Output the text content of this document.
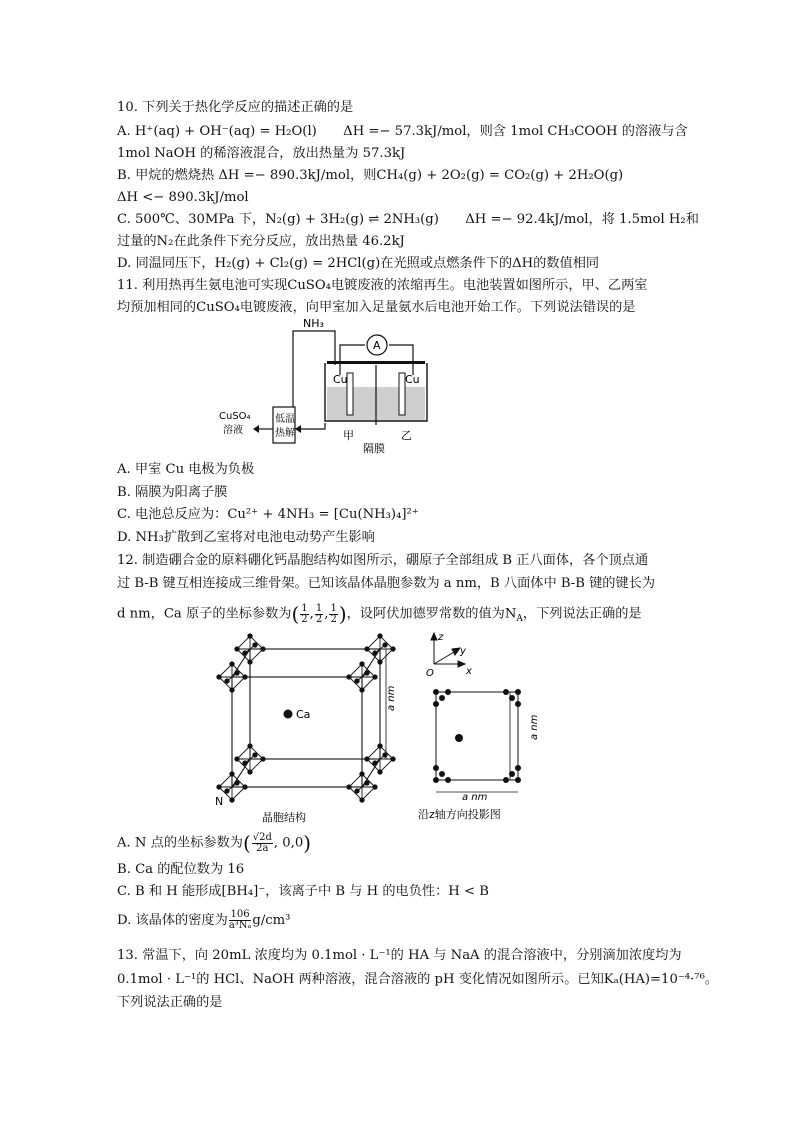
10. 下列关于热化学反应的描述正确的是
A. H⁺(aq) + OH⁻(aq) = H₂O(l)　　ΔH =− 57.3kJ/mol，则含 1mol CH₃COOH 的溶液与含
1mol NaOH 的稀溶液混合，放出热量为 57.3kJ
B. 甲烷的燃烧热 ΔH =− 890.3kJ/mol，则CH₄(g) + 2O₂(g) = CO₂(g) + 2H₂O(g)
ΔH <− 890.3kJ/mol
C. 500℃、30MPa 下，N₂(g) + 3H₂(g) ⇌ 2NH₃(g)　　ΔH =− 92.4kJ/mol，将 1.5mol H₂和
过量的N₂在此条件下充分反应，放出热量 46.2kJ
D. 同温同压下，H₂(g) + Cl₂(g) = 2HCl(g)在光照或点燃条件下的ΔH的数值相同
11. 利用热再生氨电池可实现CuSO₄电镀废液的浓缩再生。电池装置如图所示，甲、乙两室
均预加相同的CuSO₄电镀废液，向甲室加入足量氨水后电池开始工作。下列说法错误的是
NH₃
A
Cu	Cu
低温
热解
CuSO₄
溶液	甲	乙
隔膜
A. 甲室 Cu 电极为负极
B. 隔膜为阳离子膜
C. 电池总反应为：Cu²⁺ + 4NH₃ = [Cu(NH₃)₄]²⁺
D. NH₃扩散到乙室将对电池电动势产生影响
12. 制造硼合金的原料硼化钙晶胞结构如图所示，硼原子全部组成 B 正八面体，各个顶点通
过 B-B 键互相连接成三维骨架。已知该晶体晶胞参数为 a nm，B 八面体中 B-B 键的键长为
d nm，Ca 原子的坐标参数为( $\frac{1}{2}$ , $\frac{1}{2}$ , $\frac{1}{2}$ )，设阿伏加德罗常数的值为$N_A$，下列说法正确的是
Ca
N
a nm
晶胞结构
z
y
x
O
a nm
a nm
沿z轴方向投影图
A. N 点的坐标参数为( $\frac{√2d}{2a}$ , 0,0)
B. Ca 的配位数为 16
C. B 和 H 能形成[BH₄]⁻，该离子中 B 与 H 的电负性：H < B
D. 该晶体的密度为 $\frac{106}{\text{a³Nₐ}} g/cm^3$
13. 常温下，向 20mL 浓度均为 0.1mol · L⁻¹的 HA 与 NaA 的混合溶液中，分别滴加浓度均为
0.1mol · L⁻¹的 HCl、NaOH 两种溶液，混合溶液的 pH 变化情况如图所示。已知Kₐ(HA)=10⁻⁴·⁷⁶。
下列说法正确的是
